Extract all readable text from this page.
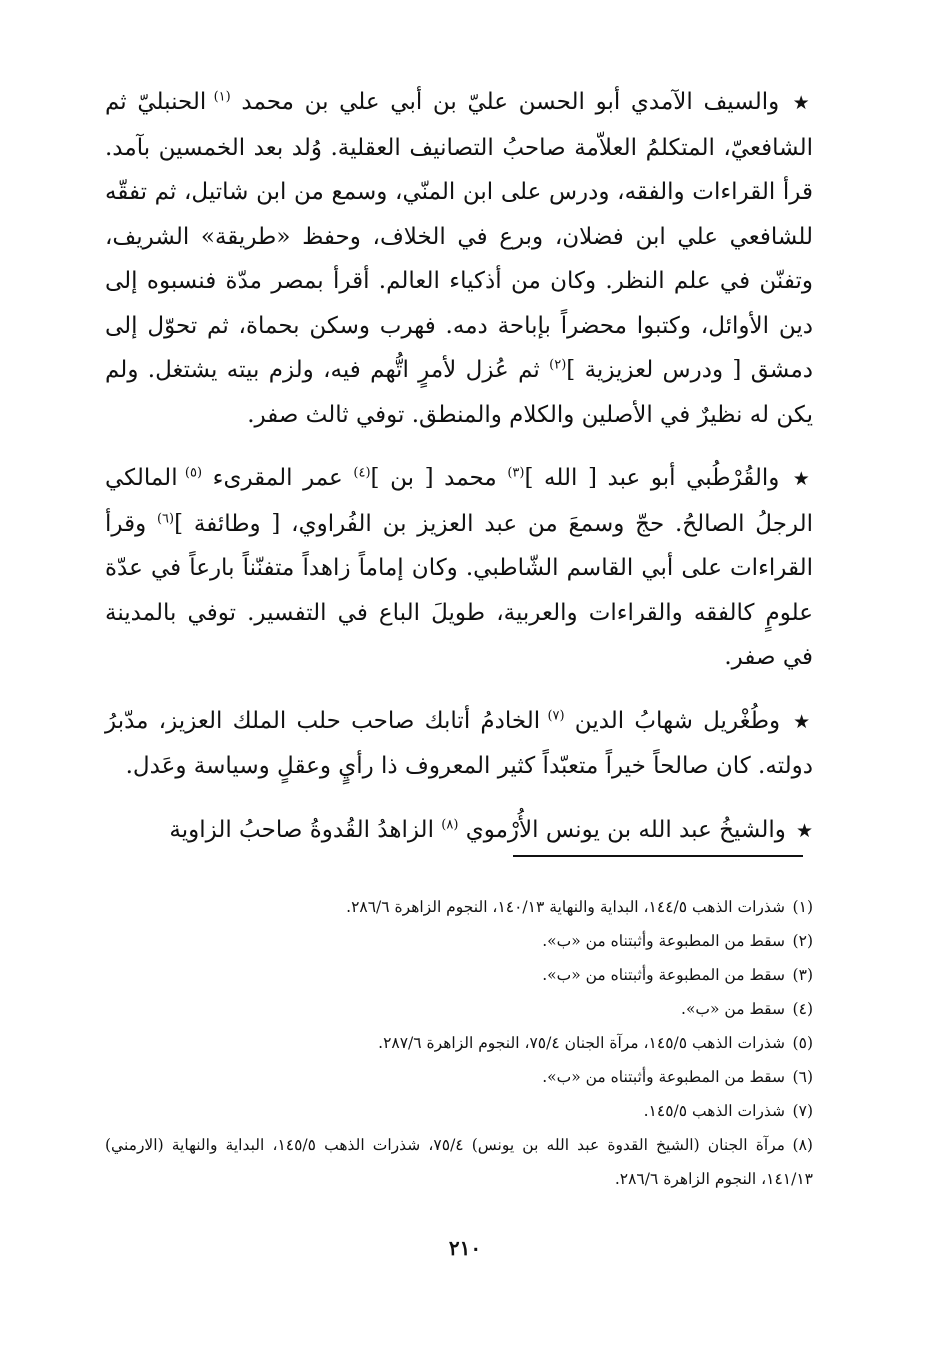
★ والسيف الآمدي أبو الحسن عليّ بن أبي علي بن محمد $^{(١)}$ الحنبليّ ثم الشافعيّ، المتكلمُ العلاّمة صاحبُ التصانيف العقلية. وُلد بعد الخمسين بآمد. قرأ القراءات والفقه، ودرس على ابن المنّي، وسمع من ابن شاتيل، ثم تفقّه للشافعي علي ابن فضلان، وبرع في الخلاف، وحفظ «طريقة» الشريف، وتفنّن في علم النظر. وكان من أذكياء العالم. أقرأ بمصر مدّة فنسبوه إلى دين الأوائل، وكتبوا محضراً بإباحة دمه. فهرب وسكن بحماة، ثم تحوّل إلى دمشق [ ودرس لعزيزية ]$^{(٢)}$ ثم عُزل لأمرٍ اتُّهم فيه، ولزم بيته يشتغل. ولم يكن له نظيرٌ في الأصلين والكلام والمنطق. توفي ثالث صفر.

★ والقُرْطُبي أبو عبد [ الله ]$^{(٣)}$ محمد [ بن ]$^{(٤)}$ عمر المقرىء $^{(٥)}$ المالكي الرجلُ الصالحُ. حجّ وسمعَ من عبد العزيز بن الفُراوي، [ وطائفة ]$^{(٦)}$ وقرأ القراءات على أبي القاسم الشّاطبي. وكان إماماً زاهداً متفنّناً بارعاً في عدّة علومٍ كالفقه والقراءات والعربية، طويلَ الباع في التفسير. توفي بالمدينة في صفر.

★ وطُغْريل شهابُ الدين $^{(٧)}$ الخادمُ أتابك صاحب حلب الملك العزيز، مدّبرُ دولته. كان صالحاً خيراً متعبّداً كثير المعروف ذا رأيٍ وعقلٍ وسياسة وعَدل.

★ والشيخُ عبد الله بن يونس الأُرْموي $^{(٨)}$ الزاهدُ القُدوةُ صاحبُ الزاوية

(١)شذرات الذهب ١٤٤/٥، البداية والنهاية ١٤٠/١٣، النجوم الزاهرة ٢٨٦/٦.
(٢)سقط من المطبوعة وأثبتناه من «ب».
(٣)سقط من المطبوعة وأثبتناه من «ب».
(٤)سقط من «ب».
(٥)شذرات الذهب ١٤٥/٥، مرآة الجنان ٧٥/٤، النجوم الزاهرة ٢٨٧/٦.
(٦)سقط من المطبوعة وأثبتناه من «ب».
(٧)شذرات الذهب ١٤٥/٥.
(٨)مرآة الجنان (الشيخ القدوة عبد الله بن يونس) ٧٥/٤، شذرات الذهب ١٤٥/٥، البداية والنهاية (الارمني) ١٤١/١٣، النجوم الزاهرة ٢٨٦/٦.
٢١٠
